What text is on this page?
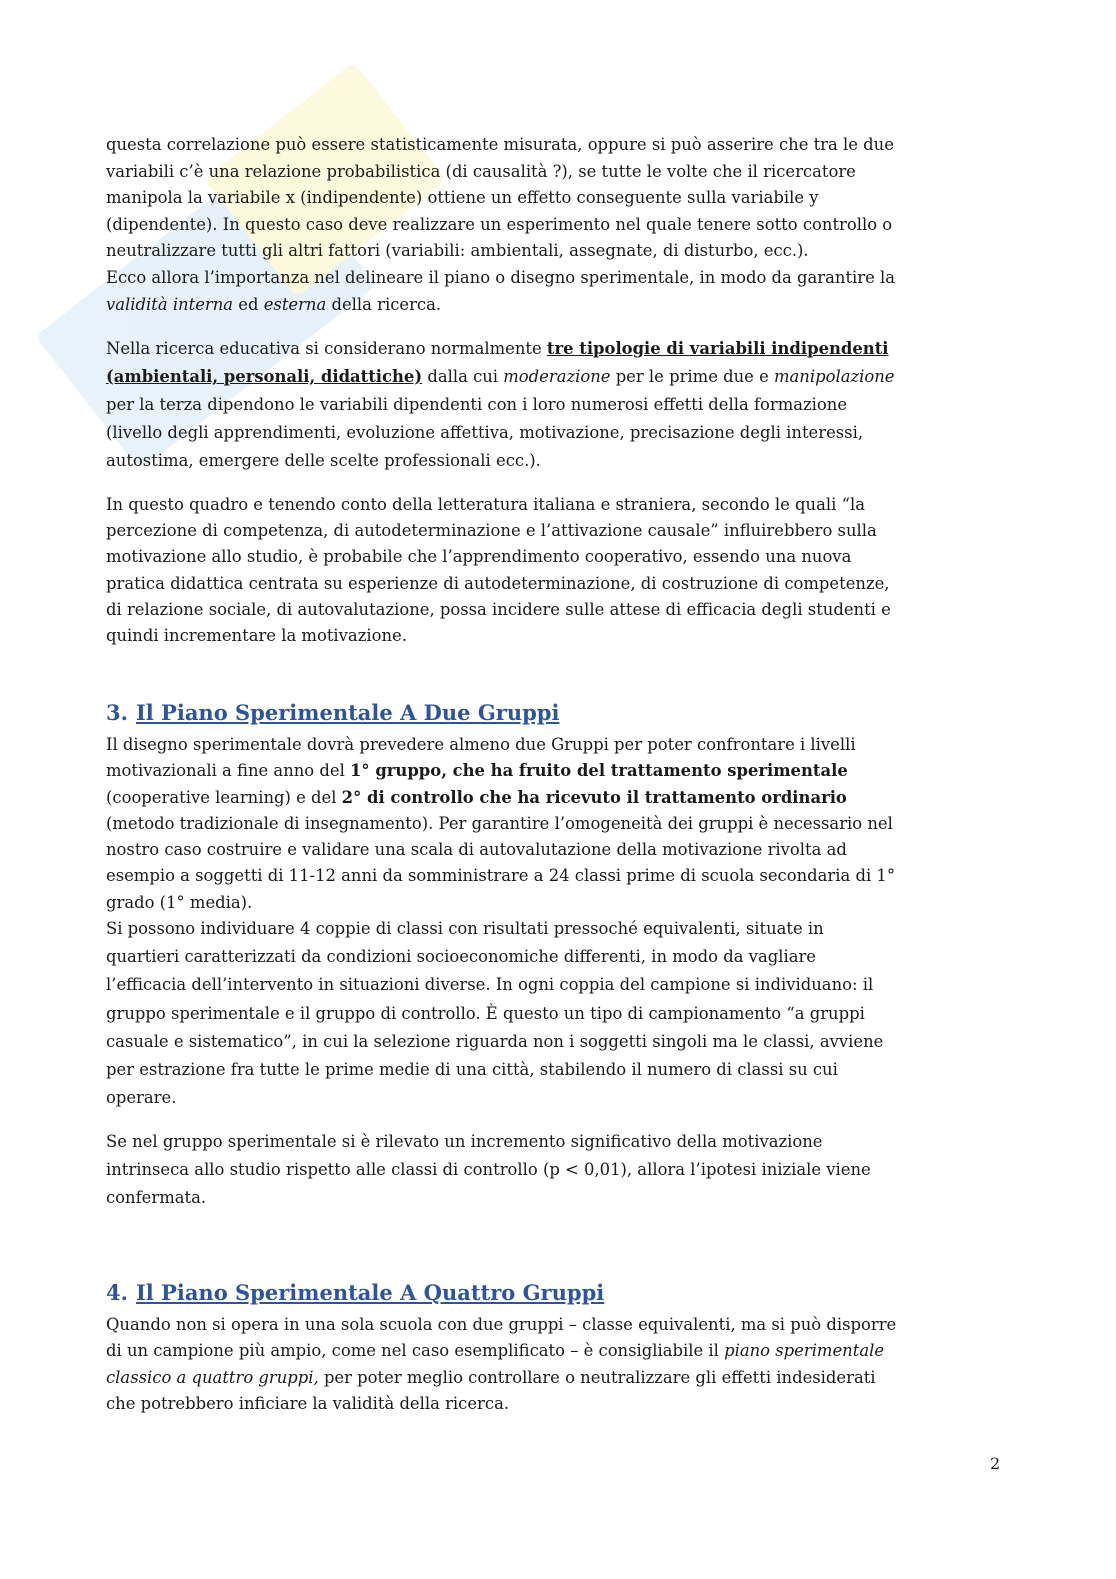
questa correlazione può essere statisticamente misurata, oppure si può asserire che tra le due
variabili c’è una relazione probabilistica (di causalità ?), se tutte le volte che il ricercatore
manipola la variabile x (indipendente) ottiene un effetto conseguente sulla variabile y
(dipendente). In questo caso deve realizzare un esperimento nel quale tenere sotto controllo o
neutralizzare tutti gli altri fattori (variabili: ambientali, assegnate, di disturbo, ecc.).
Ecco allora l’importanza nel delineare il piano o disegno sperimentale, in modo da garantire la
validità interna ed esterna della ricerca.
Nella ricerca educativa si considerano normalmente tre tipologie di variabili indipendenti
(ambientali, personali, didattiche) dalla cui moderazione per le prime due e manipolazione
per la terza dipendono le variabili dipendenti con i loro numerosi effetti della formazione
(livello degli apprendimenti, evoluzione affettiva, motivazione, precisazione degli interessi,
autostima, emergere delle scelte professionali ecc.).
In questo quadro e tenendo conto della letteratura italiana e straniera, secondo le quali “la
percezione di competenza, di autodeterminazione e l’attivazione causale” influirebbero sulla
motivazione allo studio, è probabile che l’apprendimento cooperativo, essendo una nuova
pratica didattica centrata su esperienze di autodeterminazione, di costruzione di competenze,
di relazione sociale, di autovalutazione, possa incidere sulle attese di efficacia degli studenti e
quindi incrementare la motivazione.
3. Il Piano Sperimentale A Due Gruppi
Il disegno sperimentale dovrà prevedere almeno due Gruppi per poter confrontare i livelli
motivazionali a fine anno del 1° gruppo, che ha fruito del trattamento sperimentale
(cooperative learning) e del 2° di controllo che ha ricevuto il trattamento ordinario
(metodo tradizionale di insegnamento). Per garantire l’omogeneità dei gruppi è necessario nel
nostro caso costruire e validare una scala di autovalutazione della motivazione rivolta ad
esempio a soggetti di 11-12 anni da somministrare a 24 classi prime di scuola secondaria di 1°
grado (1° media).
Si possono individuare 4 coppie di classi con risultati pressoché equivalenti, situate in
quartieri caratterizzati da condizioni socioeconomiche differenti, in modo da vagliare
l’efficacia dell’intervento in situazioni diverse. In ogni coppia del campione si individuano: il
gruppo sperimentale e il gruppo di controllo. È questo un tipo di campionamento “a gruppi
casuale e sistematico”, in cui la selezione riguarda non i soggetti singoli ma le classi, avviene
per estrazione fra tutte le prime medie di una città, stabilendo il numero di classi su cui
operare.
Se nel gruppo sperimentale si è rilevato un incremento significativo della motivazione
intrinseca allo studio rispetto alle classi di controllo (p < 0,01), allora l’ipotesi iniziale viene
confermata.
4. Il Piano Sperimentale A Quattro Gruppi
Quando non si opera in una sola scuola con due gruppi – classe equivalenti, ma si può disporre
di un campione più ampio, come nel caso esemplificato – è consigliabile il piano sperimentale
classico a quattro gruppi, per poter meglio controllare o neutralizzare gli effetti indesiderati
che potrebbero inficiare la validità della ricerca.
2
